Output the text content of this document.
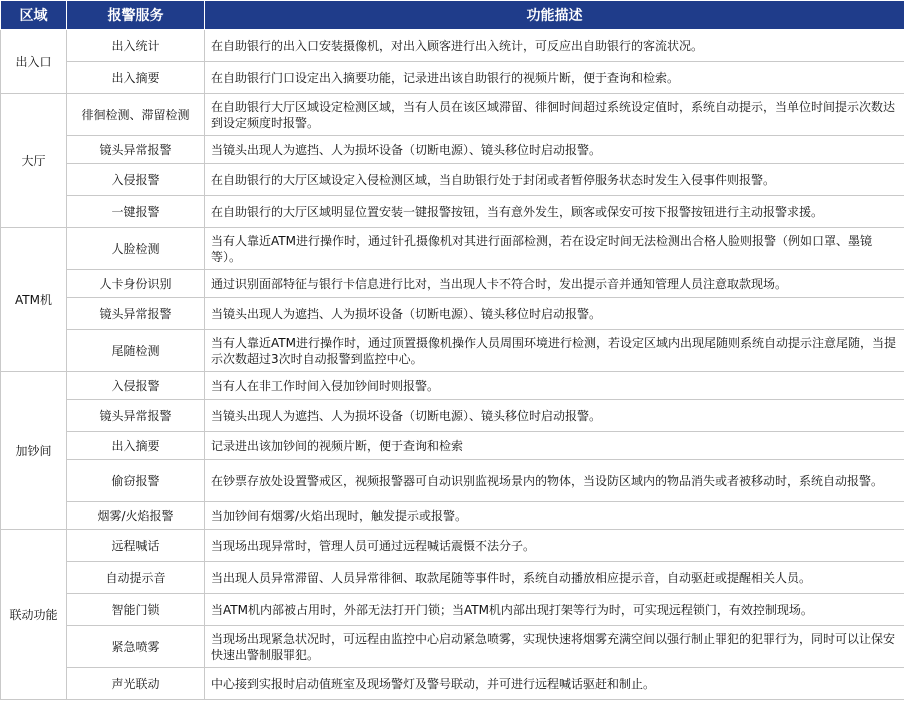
区域	报警服务	功能描述
出入口	出入统计	在自助银行的出入口安装摄像机，对出入顾客进行出入统计，可反应出自助银行的客流状况。
	出入摘要	在自助银行门口设定出入摘要功能，记录进出该自助银行的视频片断，便于查询和检索。
大厅	徘徊检测、滞留检测	在自助银行大厅区域设定检测区域，当有人员在该区域滞留、徘徊时间超过系统设定值时，系统自动提示，当单位时间提示次数达到设定频度时报警。
	镜头异常报警	当镜头出现人为遮挡、人为损坏设备（切断电源）、镜头移位时启动报警。
	入侵报警	在自助银行的大厅区域设定入侵检测区域，当自助银行处于封闭或者暂停服务状态时发生入侵事件则报警。
	一键报警	在自助银行的大厅区域明显位置安装一键报警按钮，当有意外发生，顾客或保安可按下报警按钮进行主动报警求援。
ATM机	人脸检测	当有人靠近ATM进行操作时，通过针孔摄像机对其进行面部检测，若在设定时间无法检测出合格人脸则报警（例如口罩、墨镜等）。
	人卡身份识别	通过识别面部特征与银行卡信息进行比对，当出现人卡不符合时，发出提示音并通知管理人员注意取款现场。
	镜头异常报警	当镜头出现人为遮挡、人为损坏设备（切断电源）、镜头移位时启动报警。
	尾随检测	当有人靠近ATM进行操作时，通过顶置摄像机操作人员周围环境进行检测，若设定区域内出现尾随则系统自动提示注意尾随，当提示次数超过3次时自动报警到监控中心。
加钞间	入侵报警	当有人在非工作时间入侵加钞间时则报警。
	镜头异常报警	当镜头出现人为遮挡、人为损坏设备（切断电源）、镜头移位时启动报警。
	出入摘要	记录进出该加钞间的视频片断，便于查询和检索
	偷窃报警	在钞票存放处设置警戒区，视频报警器可自动识别监视场景内的物体，当设防区域内的物品消失或者被移动时，系统自动报警。
	烟雾/火焰报警	当加钞间有烟雾/火焰出现时，触发提示或报警。
联动功能	远程喊话	当现场出现异常时，管理人员可通过远程喊话震慑不法分子。
	自动提示音	当出现人员异常滞留、人员异常徘徊、取款尾随等事件时，系统自动播放相应提示音，自动驱赶或提醒相关人员。
	智能门锁	当ATM机内部被占用时，外部无法打开门锁；当ATM机内部出现打架等行为时，可实现远程锁门，有效控制现场。
	紧急喷雾	当现场出现紧急状况时，可远程由监控中心启动紧急喷雾，实现快速将烟雾充满空间以强行制止罪犯的犯罪行为，同时可以让保安快速出警制服罪犯。
	声光联动	中心接到实报时启动值班室及现场警灯及警号联动，并可进行远程喊话驱赶和制止。
